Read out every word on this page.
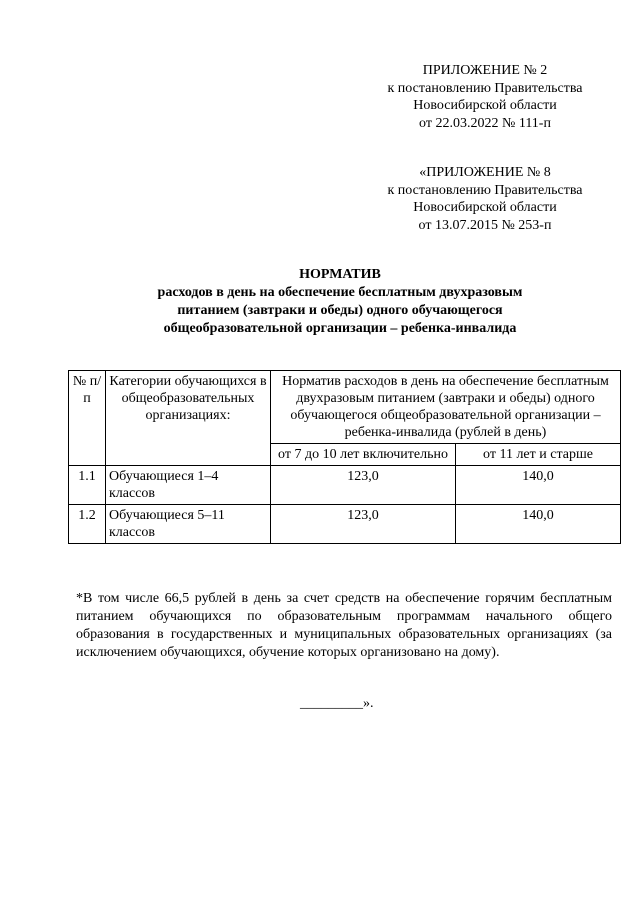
ПРИЛОЖЕНИЕ № 2
к постановлению Правительства
Новосибирской области
от 22.03.2022 № 111-п
«ПРИЛОЖЕНИЕ № 8
к постановлению Правительства
Новосибирской области
от 13.07.2015 № 253-п
НОРМАТИВ
расходов в день на обеспечение бесплатным двухразовым
питанием (завтраки и обеды) одного обучающегося
общеобразовательной организации – ребенка-инвалида
№ п/п	Категории обучающихся в общеобразовательных организациях:	Норматив расходов в день на обеспечение бесплатным двухразовым питанием (завтраки и обеды) одного обучающегося общеобразовательной организации – ребенка-инвалида (рублей в день)	
		от 7 до 10 лет включительно	от 11 лет и старше
1.1	Обучающиеся 1–4 классов	123,0	140,0
1.2	Обучающиеся 5–11 классов	123,0	140,0
*В том числе 66,5 рублей в день за счет средств на обеспечение горячим бесплатным питанием обучающихся по образовательным программам начального общего образования в государственных и муниципальных образовательных организациях (за исключением обучающихся, обучение которых организовано на дому).
_________».
